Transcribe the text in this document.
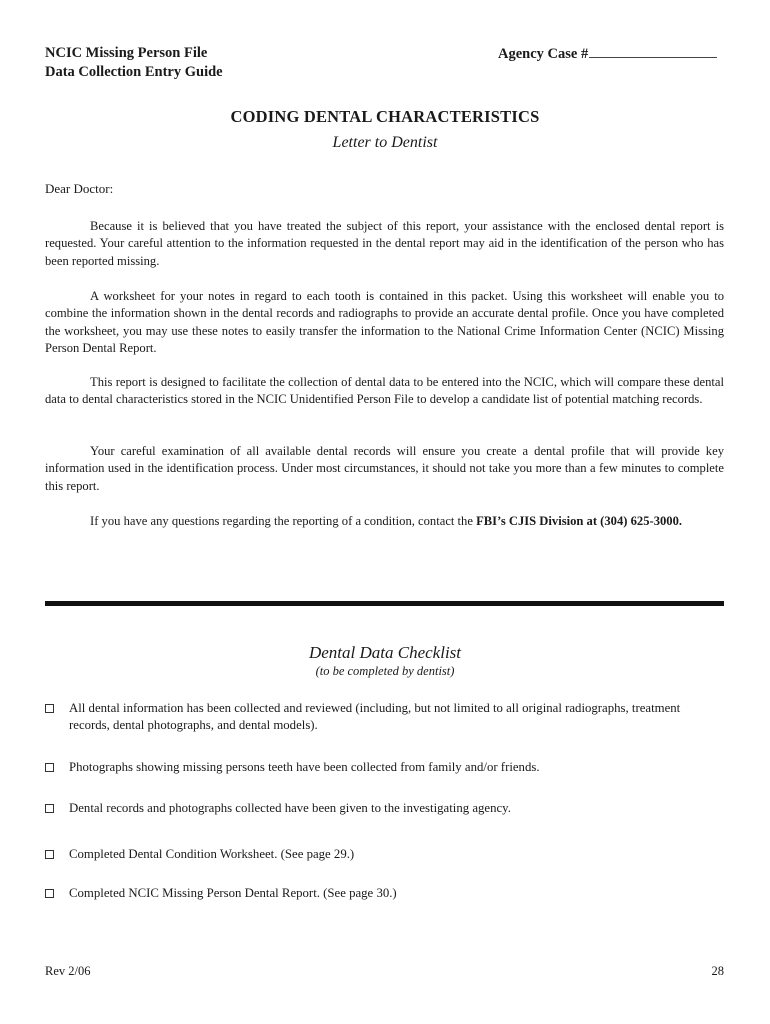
NCIC Missing Person File
Data Collection Entry Guide
Agency Case #
CODING DENTAL CHARACTERISTICS
Letter to Dentist
Dear Doctor:

Because it is believed that you have treated the subject of this report, your assistance with the enclosed dental report is requested. Your careful attention to the information requested in the dental report may aid in the identification of the person who has been reported missing.

A worksheet for your notes in regard to each tooth is contained in this packet. Using this worksheet will enable you to combine the information shown in the dental records and radiographs to provide an accurate dental profile. Once you have completed the worksheet, you may use these notes to easily transfer the information to the National Crime Information Center (NCIC) Missing Person Dental Report.

This report is designed to facilitate the collection of dental data to be entered into the NCIC, which will compare these dental data to dental characteristics stored in the NCIC Unidentified Person File to develop a candidate list of potential matching records.

Your careful examination of all available dental records will ensure you create a dental profile that will provide key information used in the identification process. Under most circumstances, it should not take you more than a few minutes to complete this report.

If you have any questions regarding the reporting of a condition, contact the FBI’s CJIS Division at (304) 625-3000.

Dental Data Checklist
(to be completed by dentist)
All dental information has been collected and reviewed (including, but not limited to all original radiographs, treatment records, dental photographs, and dental models).
Photographs showing missing persons teeth have been collected from family and/or friends.
Dental records and photographs collected have been given to the investigating agency.
Completed Dental Condition Worksheet. (See page 29.)
Completed NCIC Missing Person Dental Report. (See page 30.)
Rev 2/06	28
